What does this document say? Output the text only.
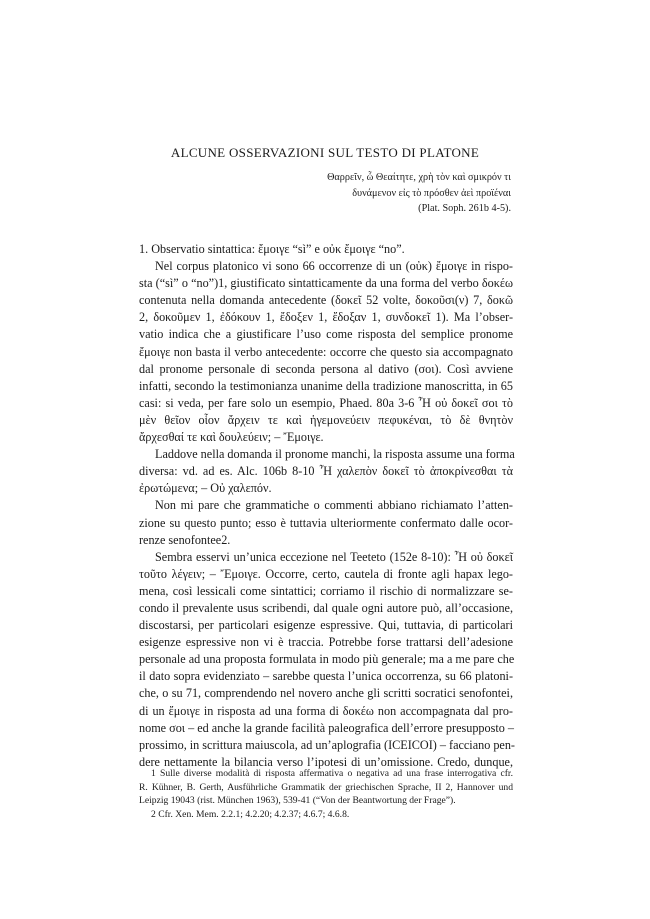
ALCUNE OSSERVAZIONI SUL TESTO DI PLATONE
Θαρρεῖν, ὦ Θεαίτητε, χρὴ τὸν καὶ σμικρόν τι
δυνάμενον εἰς τὸ πρόσθεν ἀεὶ προϊέναι
(Plat. Soph. 261b 4-5).
1. Observatio sintattica: ἔμοιγε “sì” e οὐκ ἔμοιγε “no”.
Nel corpus platonico vi sono 66 occorrenze di un (οὐκ) ἔμοιγε in rispo-
sta (“sì” o “no”)1, giustificato sintatticamente da una forma del verbo δοκέω
contenuta nella domanda antecedente (δοκεῖ 52 volte, δοκοῦσι(ν) 7, δοκῶ
2, δοκοῦμεν 1, ἐδόκουν 1, ἔδοξεν 1, ἔδοξαν 1, συνδοκεῖ 1). Ma l’obser-
vatio indica che a giustificare l’uso come risposta del semplice pronome
ἔμοιγε non basta il verbo antecedente: occorre che questo sia accompagnato
dal pronome personale di seconda persona al dativo (σοι). Così avviene
infatti, secondo la testimonianza unanime della tradizione manoscritta, in 65
casi: si veda, per fare solo un esempio, Phaed. 80a 3-6 Ἦ οὐ δοκεῖ σοι τὸ
μὲν θεῖον οἷον ἄρχειν τε καὶ ἡγεμονεύειν πεφυκέναι, τὸ δὲ θνητὸν
ἄρχεσθαί τε καὶ δουλεύειν; – Ἔμοιγε.
Laddove nella domanda il pronome manchi, la risposta assume una forma
diversa: vd. ad es. Alc. 106b 8-10 Ἦ χαλεπὸν δοκεῖ τὸ ἀποκρίνεσθαι τὰ
ἐρωτώμενα; – Οὐ χαλεπόν.
Non mi pare che grammatiche o commenti abbiano richiamato l’atten-
zione su questo punto; esso è tuttavia ulteriormente confermato dalle ocor-
renze senofontee2.
Sembra esservi un’unica eccezione nel Teeteto (152e 8-10): Ἦ οὐ δοκεῖ
τοῦτο λέγειν; – Ἔμοιγε. Occorre, certo, cautela di fronte agli hapax lego-
mena, così lessicali come sintattici; corriamo il rischio di normalizzare se-
condo il prevalente usus scribendi, dal quale ogni autore può, all’occasione,
discostarsi, per particolari esigenze espressive. Qui, tuttavia, di particolari
esigenze espressive non vi è traccia. Potrebbe forse trattarsi dell’adesione
personale ad una proposta formulata in modo più generale; ma a me pare che
il dato sopra evidenziato – sarebbe questa l’unica occorrenza, su 66 platoni-
che, o su 71, comprendendo nel novero anche gli scritti socratici senofontei,
di un ἔμοιγε in risposta ad una forma di δοκέω non accompagnata dal pro-
nome σοι – ed anche la grande facilità paleografica dell’errore presupposto –
prossimo, in scrittura maiuscola, ad un’aplografia (ΙϹΕΙϹΟΙ) – facciano pen-
dere nettamente la bilancia verso l’ipotesi di un’omissione. Credo, dunque,
1 Sulle diverse modalità di risposta affermativa o negativa ad una frase interrogativa cfr.
R. Kühner, B. Gerth, Ausführliche Grammatik der griechischen Sprache, II 2, Hannover und
Leipzig 19043 (rist. München 1963), 539-41 (“Von der Beantwortung der Frage”).
2 Cfr. Xen. Mem. 2.2.1; 4.2.20; 4.2.37; 4.6.7; 4.6.8.
